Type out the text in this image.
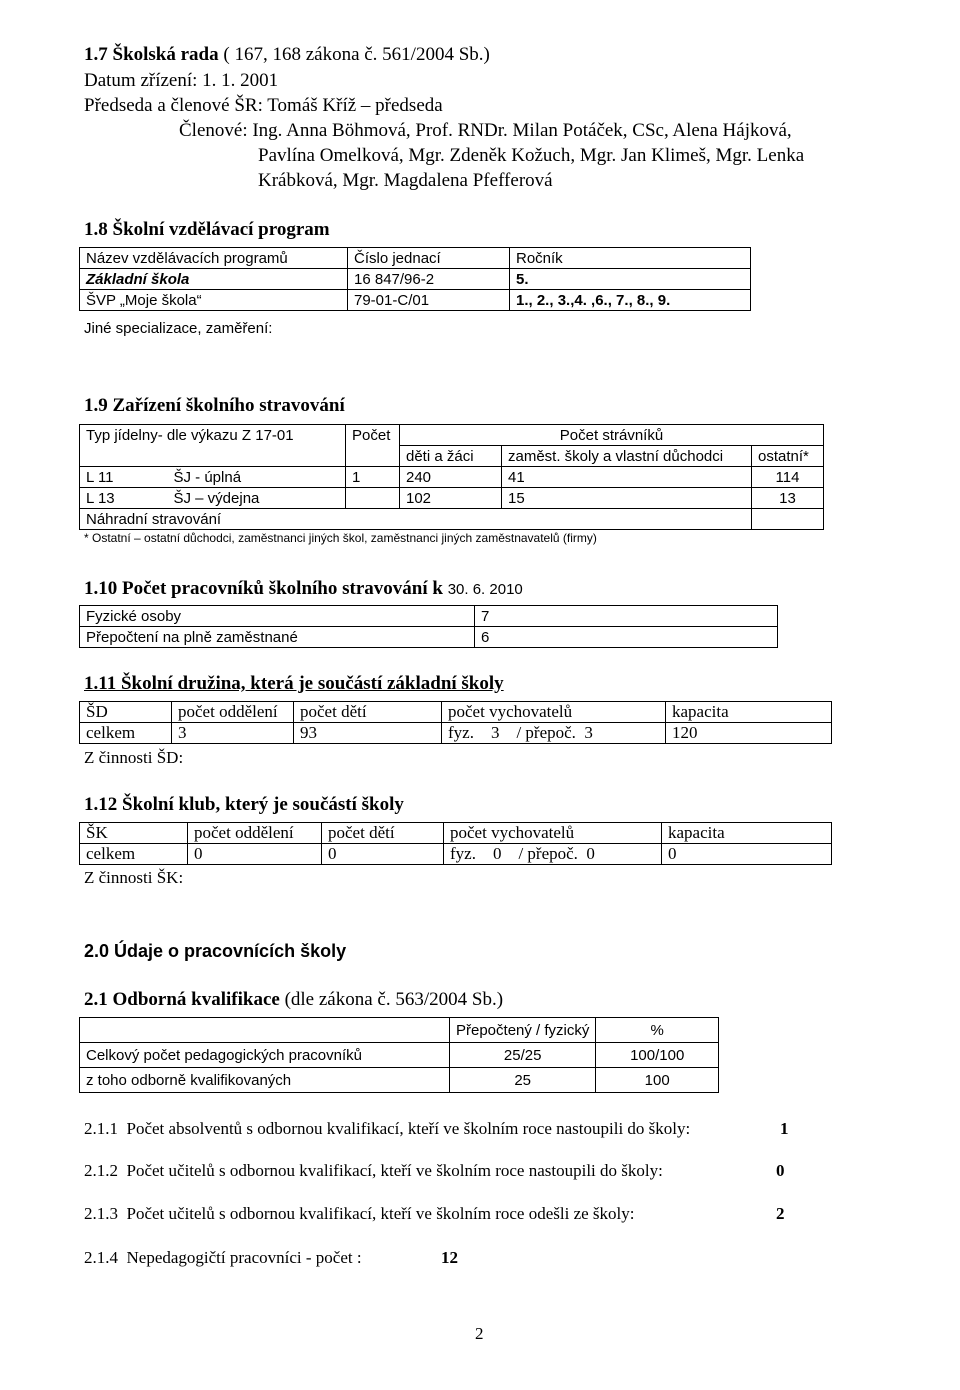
1.7 Školská rada ( 167, 168 zákona č. 561/2004 Sb.)
Datum zřízení: 1. 1. 2001
Předseda a členové ŠR: Tomáš Kříž – předseda
Členové: Ing. Anna Böhmová, Prof. RNDr. Milan Potáček, CSc, Alena Hájková,
Pavlína Omelková, Mgr. Zdeněk Kožuch, Mgr. Jan Klimeš, Mgr. Lenka
Krábková, Mgr. Magdalena Pfefferová
1.8 Školní vzdělávací program
Název vzdělávacích programů	Číslo jednací	Ročník
Základní škola	16 847/96-2	5.
ŠVP „Moje škola“	79-01-C/01	1., 2., 3.,4. ,6., 7., 8., 9.
Jiné specializace, zaměření:
1.9 Zařízení školního stravování
Typ jídelny- dle výkazu Z 17-01		Počet	Počet strávníků		
			děti a žáci	zaměst. školy a vlastní důchodci	ostatní*
L 11	ŠJ - úplná	1	240	41	114
L 13	ŠJ – výdejna		102	15	13
Náhradní stravování					
* Ostatní – ostatní důchodci, zaměstnanci jiných škol, zaměstnanci jiných zaměstnavatelů (firmy)
1.10 Počet pracovníků školního stravování k 30. 6. 2010
Fyzické osoby	7
Přepočtení na plně zaměstnané	6
1.11 Školní družina, která je součástí základní školy
ŠD	počet oddělení	počet dětí	počet vychovatelů	kapacita
celkem	3	93	fyz.    3    / přepoč.  3	120
Z činnosti ŠD:
1.12 Školní klub, který je součástí školy
ŠK	počet oddělení	počet dětí	počet vychovatelů	kapacita
celkem	0	0	fyz.    0    / přepoč.  0	0
Z činnosti ŠK:
2.0 Údaje o pracovnících školy
2.1 Odborná kvalifikace (dle zákona č. 563/2004 Sb.)
	Přepočtený / fyzický	%
Celkový počet pedagogických pracovníků	25/25	100/100
z toho odborně kvalifikovaných	25	100
2.1.1 Počet absolventů s odbornou kvalifikací, kteří ve školním roce nastoupili do školy:	1
2.1.2 Počet učitelů s odbornou kvalifikací, kteří ve školním roce nastoupili do školy:	0
2.1.3 Počet učitelů s odbornou kvalifikací, kteří ve školním roce odešli ze školy:	2
2.1.4 Nepedagogičtí pracovníci - počet :	12
2
